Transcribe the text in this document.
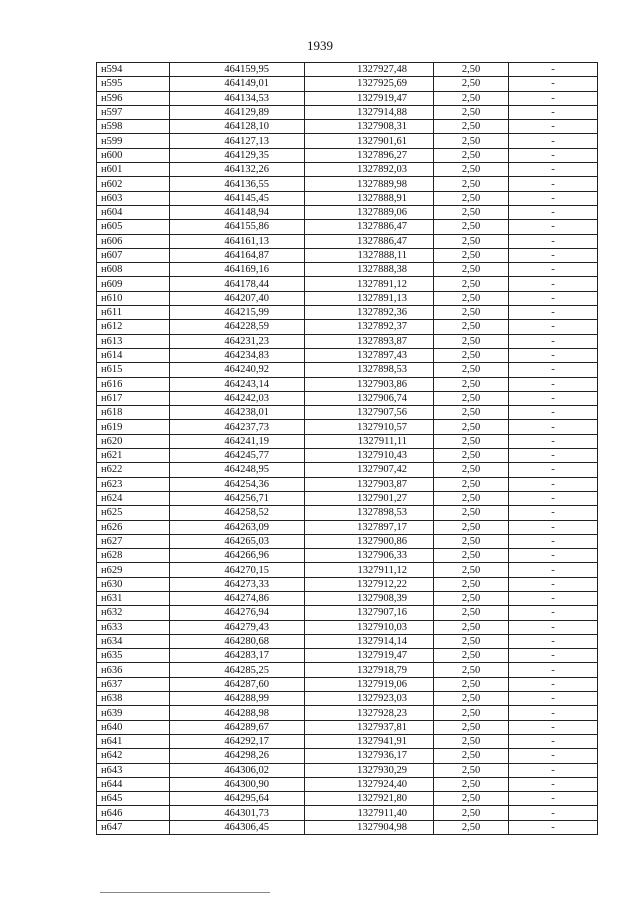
1939
н594	464159,95	1327927,48	2,50	-
н595	464149,01	1327925,69	2,50	-
н596	464134,53	1327919,47	2,50	-
н597	464129,89	1327914,88	2,50	-
н598	464128,10	1327908,31	2,50	-
н599	464127,13	1327901,61	2,50	-
н600	464129,35	1327896,27	2,50	-
н601	464132,26	1327892,03	2,50	-
н602	464136,55	1327889,98	2,50	-
н603	464145,45	1327888,91	2,50	-
н604	464148,94	1327889,06	2,50	-
н605	464155,86	1327886,47	2,50	-
н606	464161,13	1327886,47	2,50	-
н607	464164,87	1327888,11	2,50	-
н608	464169,16	1327888,38	2,50	-
н609	464178,44	1327891,12	2,50	-
н610	464207,40	1327891,13	2,50	-
н611	464215,99	1327892,36	2,50	-
н612	464228,59	1327892,37	2,50	-
н613	464231,23	1327893,87	2,50	-
н614	464234,83	1327897,43	2,50	-
н615	464240,92	1327898,53	2,50	-
н616	464243,14	1327903,86	2,50	-
н617	464242,03	1327906,74	2,50	-
н618	464238,01	1327907,56	2,50	-
н619	464237,73	1327910,57	2,50	-
н620	464241,19	1327911,11	2,50	-
н621	464245,77	1327910,43	2,50	-
н622	464248,95	1327907,42	2,50	-
н623	464254,36	1327903,87	2,50	-
н624	464256,71	1327901,27	2,50	-
н625	464258,52	1327898,53	2,50	-
н626	464263,09	1327897,17	2,50	-
н627	464265,03	1327900,86	2,50	-
н628	464266,96	1327906,33	2,50	-
н629	464270,15	1327911,12	2,50	-
н630	464273,33	1327912,22	2,50	-
н631	464274,86	1327908,39	2,50	-
н632	464276,94	1327907,16	2,50	-
н633	464279,43	1327910,03	2,50	-
н634	464280,68	1327914,14	2,50	-
н635	464283,17	1327919,47	2,50	-
н636	464285,25	1327918,79	2,50	-
н637	464287,60	1327919,06	2,50	-
н638	464288,99	1327923,03	2,50	-
н639	464288,98	1327928,23	2,50	-
н640	464289,67	1327937,81	2,50	-
н641	464292,17	1327941,91	2,50	-
н642	464298,26	1327936,17	2,50	-
н643	464306,02	1327930,29	2,50	-
н644	464300,90	1327924,40	2,50	-
н645	464295,64	1327921,80	2,50	-
н646	464301,73	1327911,40	2,50	-
н647	464306,45	1327904,98	2,50	-
